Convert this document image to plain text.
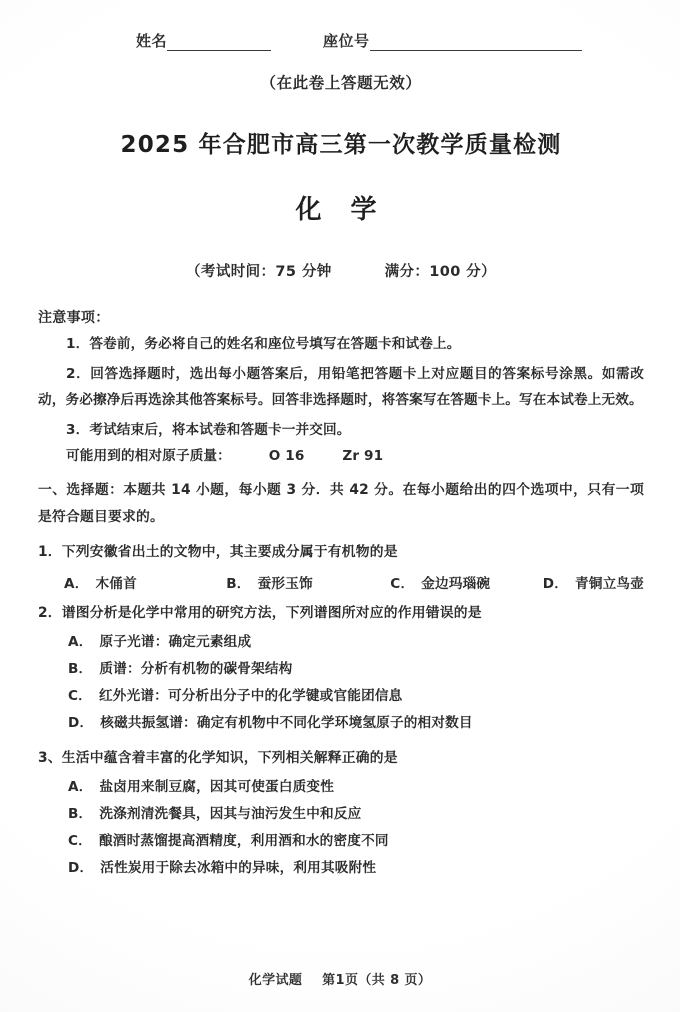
姓名	座位号
（在此卷上答题无效）
2025 年合肥市高三第一次教学质量检测
化 学
（考试时间：75 分钟	满分：100 分）
注意事项：
1．答卷前，务必将自己的姓名和座位号填写在答题卡和试卷上。
2．回答选择题时，选出每小题答案后，用铅笔把答题卡上对应题目的答案标号涂黑。如需改动，务必擦净后再选涂其他答案标号。回答非选择题时，将答案写在答题卡上。写在本试卷上无效。
3．考试结束后，将本试卷和答题卡一并交回。
可能用到的相对原子质量：	O 16	Zr 91
一、选择题：本题共 14 小题，每小题 3 分．共 42 分。在每小题给出的四个选项中，只有一项是符合题目要求的。
1．下列安徽省出土的文物中，其主要成分属于有机物的是
A． 木俑首	B． 蚕形玉饰	C． 金边玛瑙碗	D． 青铜立鸟壶
2．谱图分析是化学中常用的研究方法，下列谱图所对应的作用错误的是
A． 原子光谱：确定元素组成
B． 质谱：分析有机物的碳骨架结构
C． 红外光谱：可分析出分子中的化学键或官能团信息
D． 核磁共振氢谱：确定有机物中不同化学环境氢原子的相对数目
3、生活中蕴含着丰富的化学知识，下列相关解释正确的是
A． 盐卤用来制豆腐，因其可使蛋白质变性
B． 洗涤剂清洗餐具，因其与油污发生中和反应
C． 酿酒时蒸馏提高酒精度，利用酒和水的密度不同
D． 活性炭用于除去冰箱中的异味，利用其吸附性
化学试题 第1页（共 8 页）
